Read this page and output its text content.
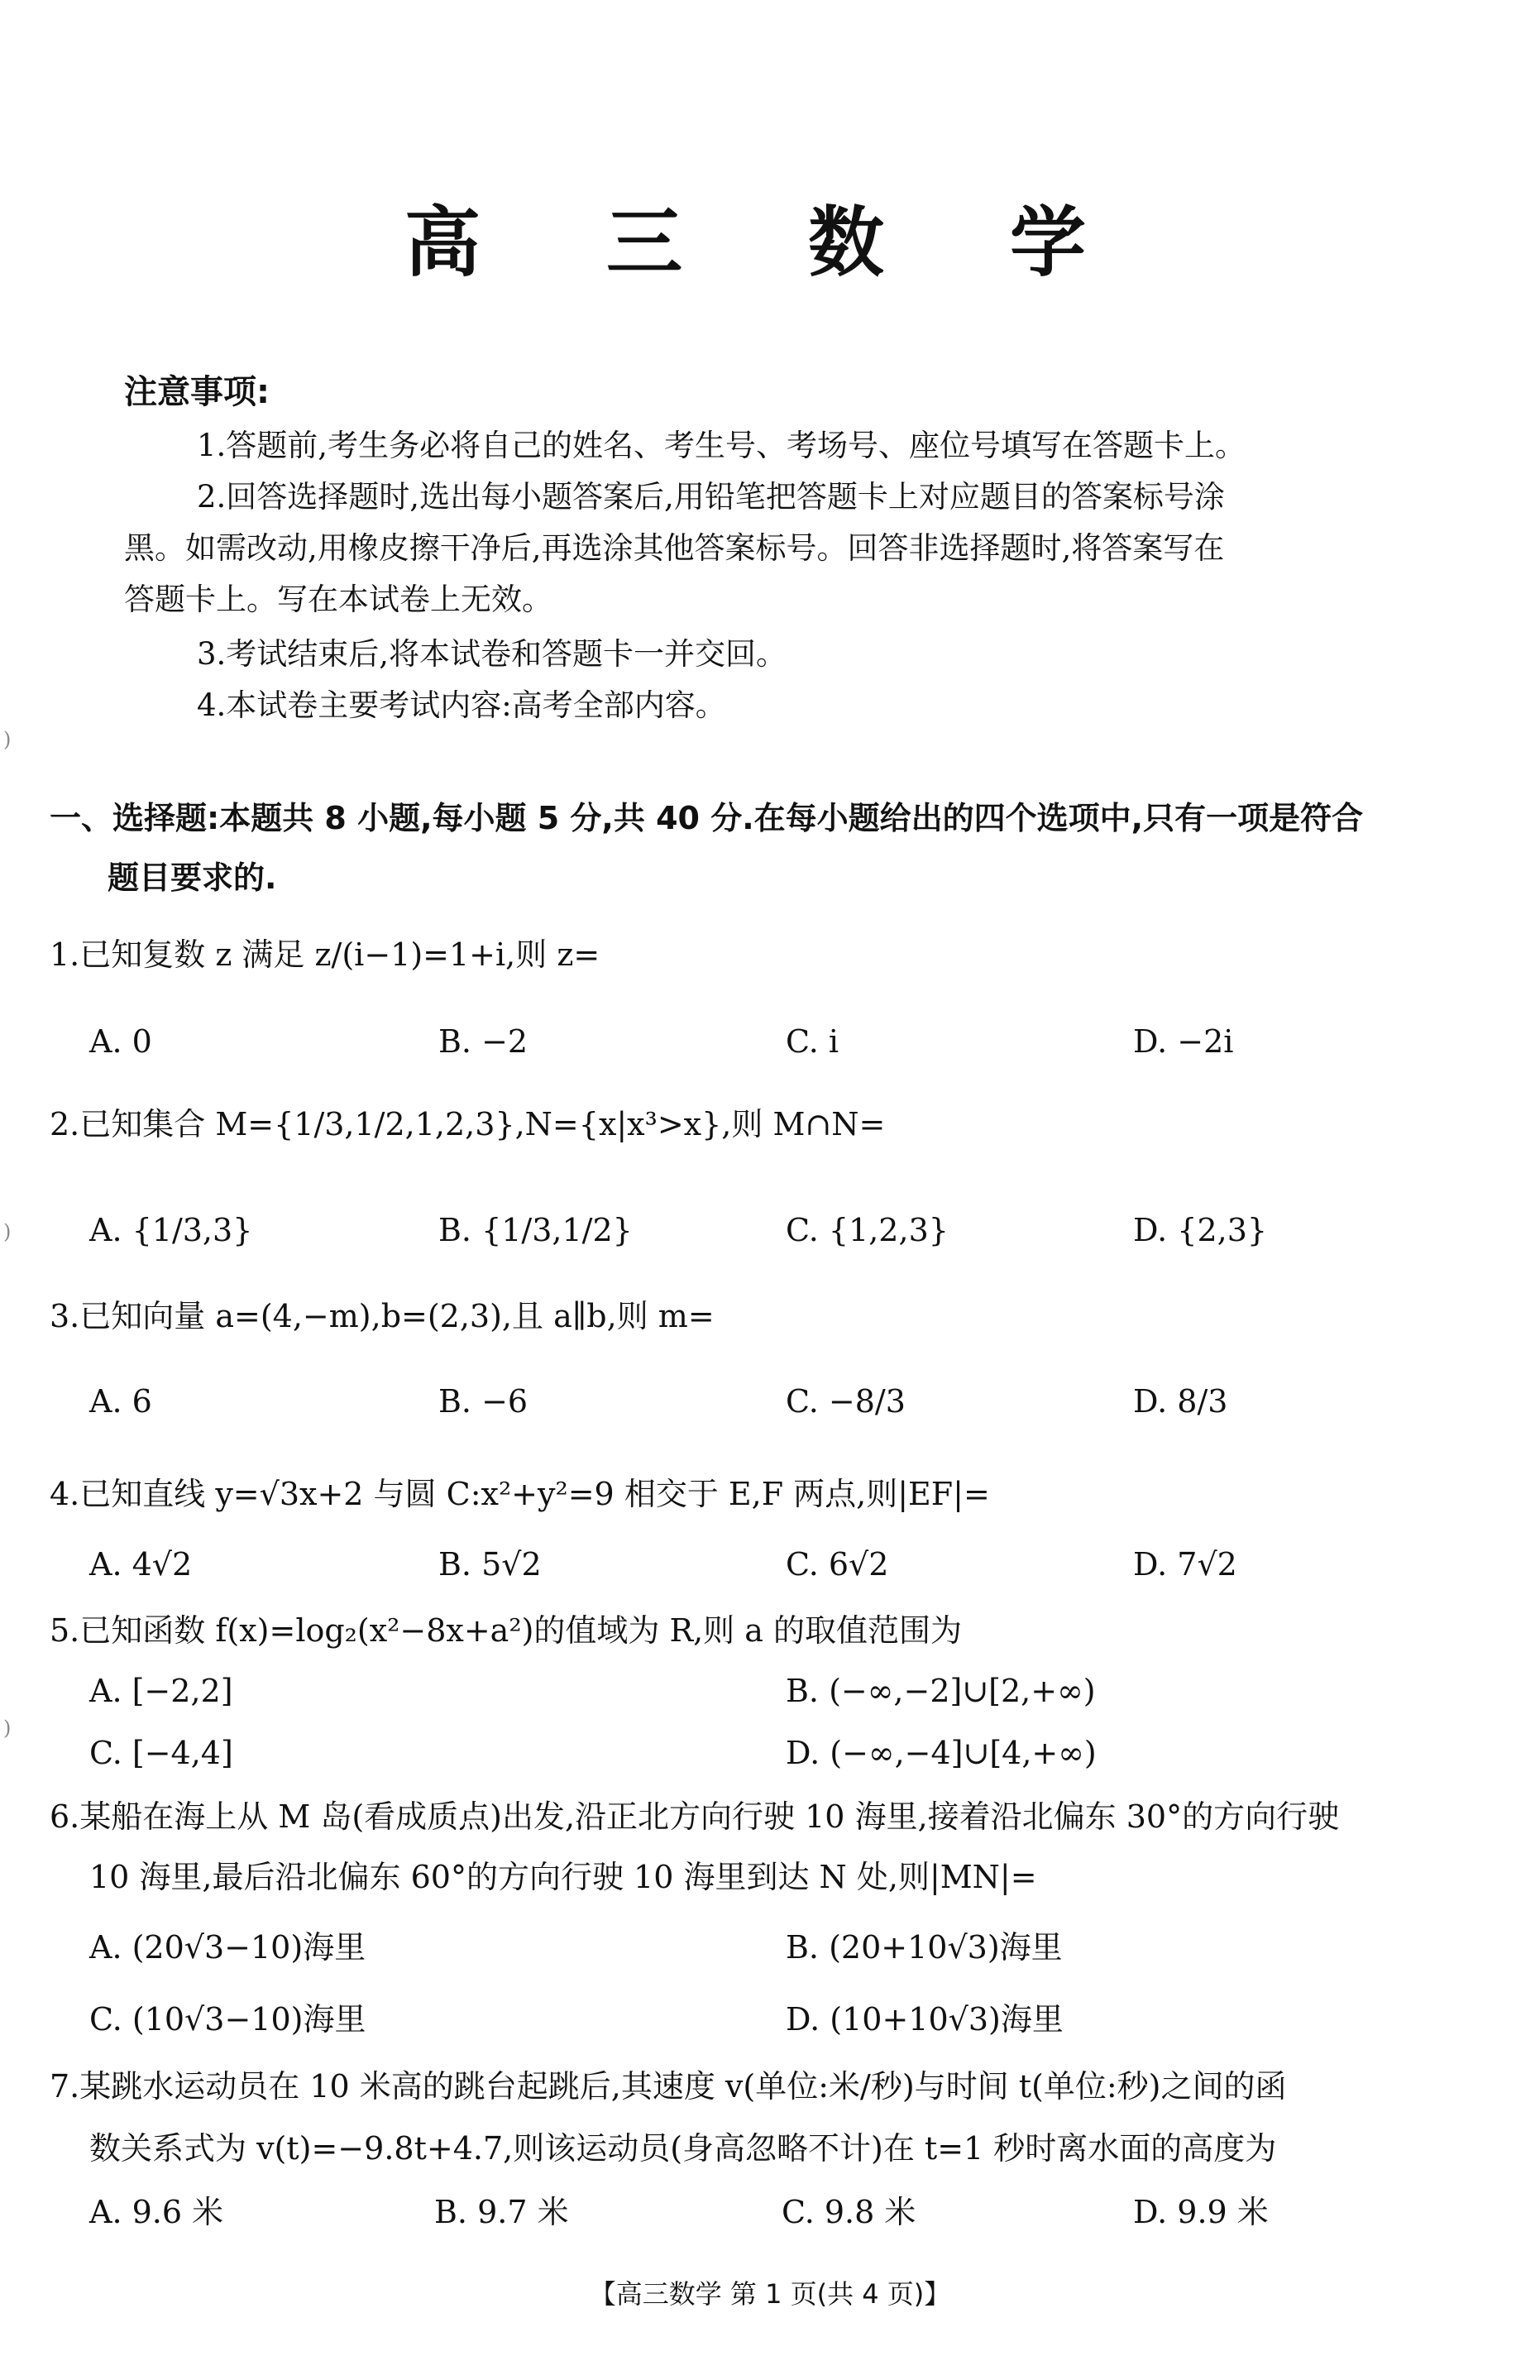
高 三 数 学
注意事项:
1.答题前,考生务必将自己的姓名、考生号、考场号、座位号填写在答题卡上。
2.回答选择题时,选出每小题答案后,用铅笔把答题卡上对应题目的答案标号涂
黑。如需改动,用橡皮擦干净后,再选涂其他答案标号。回答非选择题时,将答案写在
答题卡上。写在本试卷上无效。
3.考试结束后,将本试卷和答题卡一并交回。
4.本试卷主要考试内容:高考全部内容。
一、选择题:本题共 8 小题,每小题 5 分,共 40 分.在每小题给出的四个选项中,只有一项是符合
题目要求的.
1.已知复数 z 满足 z/(i−1)=1+i,则 z=
A. 0	B. −2	C. i	D. −2i
2.已知集合 M={1/3,1/2,1,2,3},N={x|x³>x},则 M∩N=
A. {1/3,3}	B. {1/3,1/2}	C. {1,2,3}	D. {2,3}
3.已知向量 a=(4,−m),b=(2,3),且 a∥b,则 m=
A. 6	B. −6	C. −8/3	D. 8/3
4.已知直线 y=√3x+2 与圆 C:x²+y²=9 相交于 E,F 两点,则|EF|=
A. 4√2	B. 5√2	C. 6√2	D. 7√2
5.已知函数 f(x)=log₂(x²−8x+a²)的值域为 R,则 a 的取值范围为
A. [−2,2]	B. (−∞,−2]∪[2,+∞)
C. [−4,4]	D. (−∞,−4]∪[4,+∞)
6.某船在海上从 M 岛(看成质点)出发,沿正北方向行驶 10 海里,接着沿北偏东 30°的方向行驶
10 海里,最后沿北偏东 60°的方向行驶 10 海里到达 N 处,则|MN|=
A. (20√3−10)海里	B. (20+10√3)海里
C. (10√3−10)海里	D. (10+10√3)海里
7.某跳水运动员在 10 米高的跳台起跳后,其速度 v(单位:米/秒)与时间 t(单位:秒)之间的函
数关系式为 v(t)=−9.8t+4.7,则该运动员(身高忽略不计)在 t=1 秒时离水面的高度为
A. 9.6 米	B. 9.7 米	C. 9.8 米	D. 9.9 米
【高三数学 第 1 页(共 4 页)】
)
)
)
